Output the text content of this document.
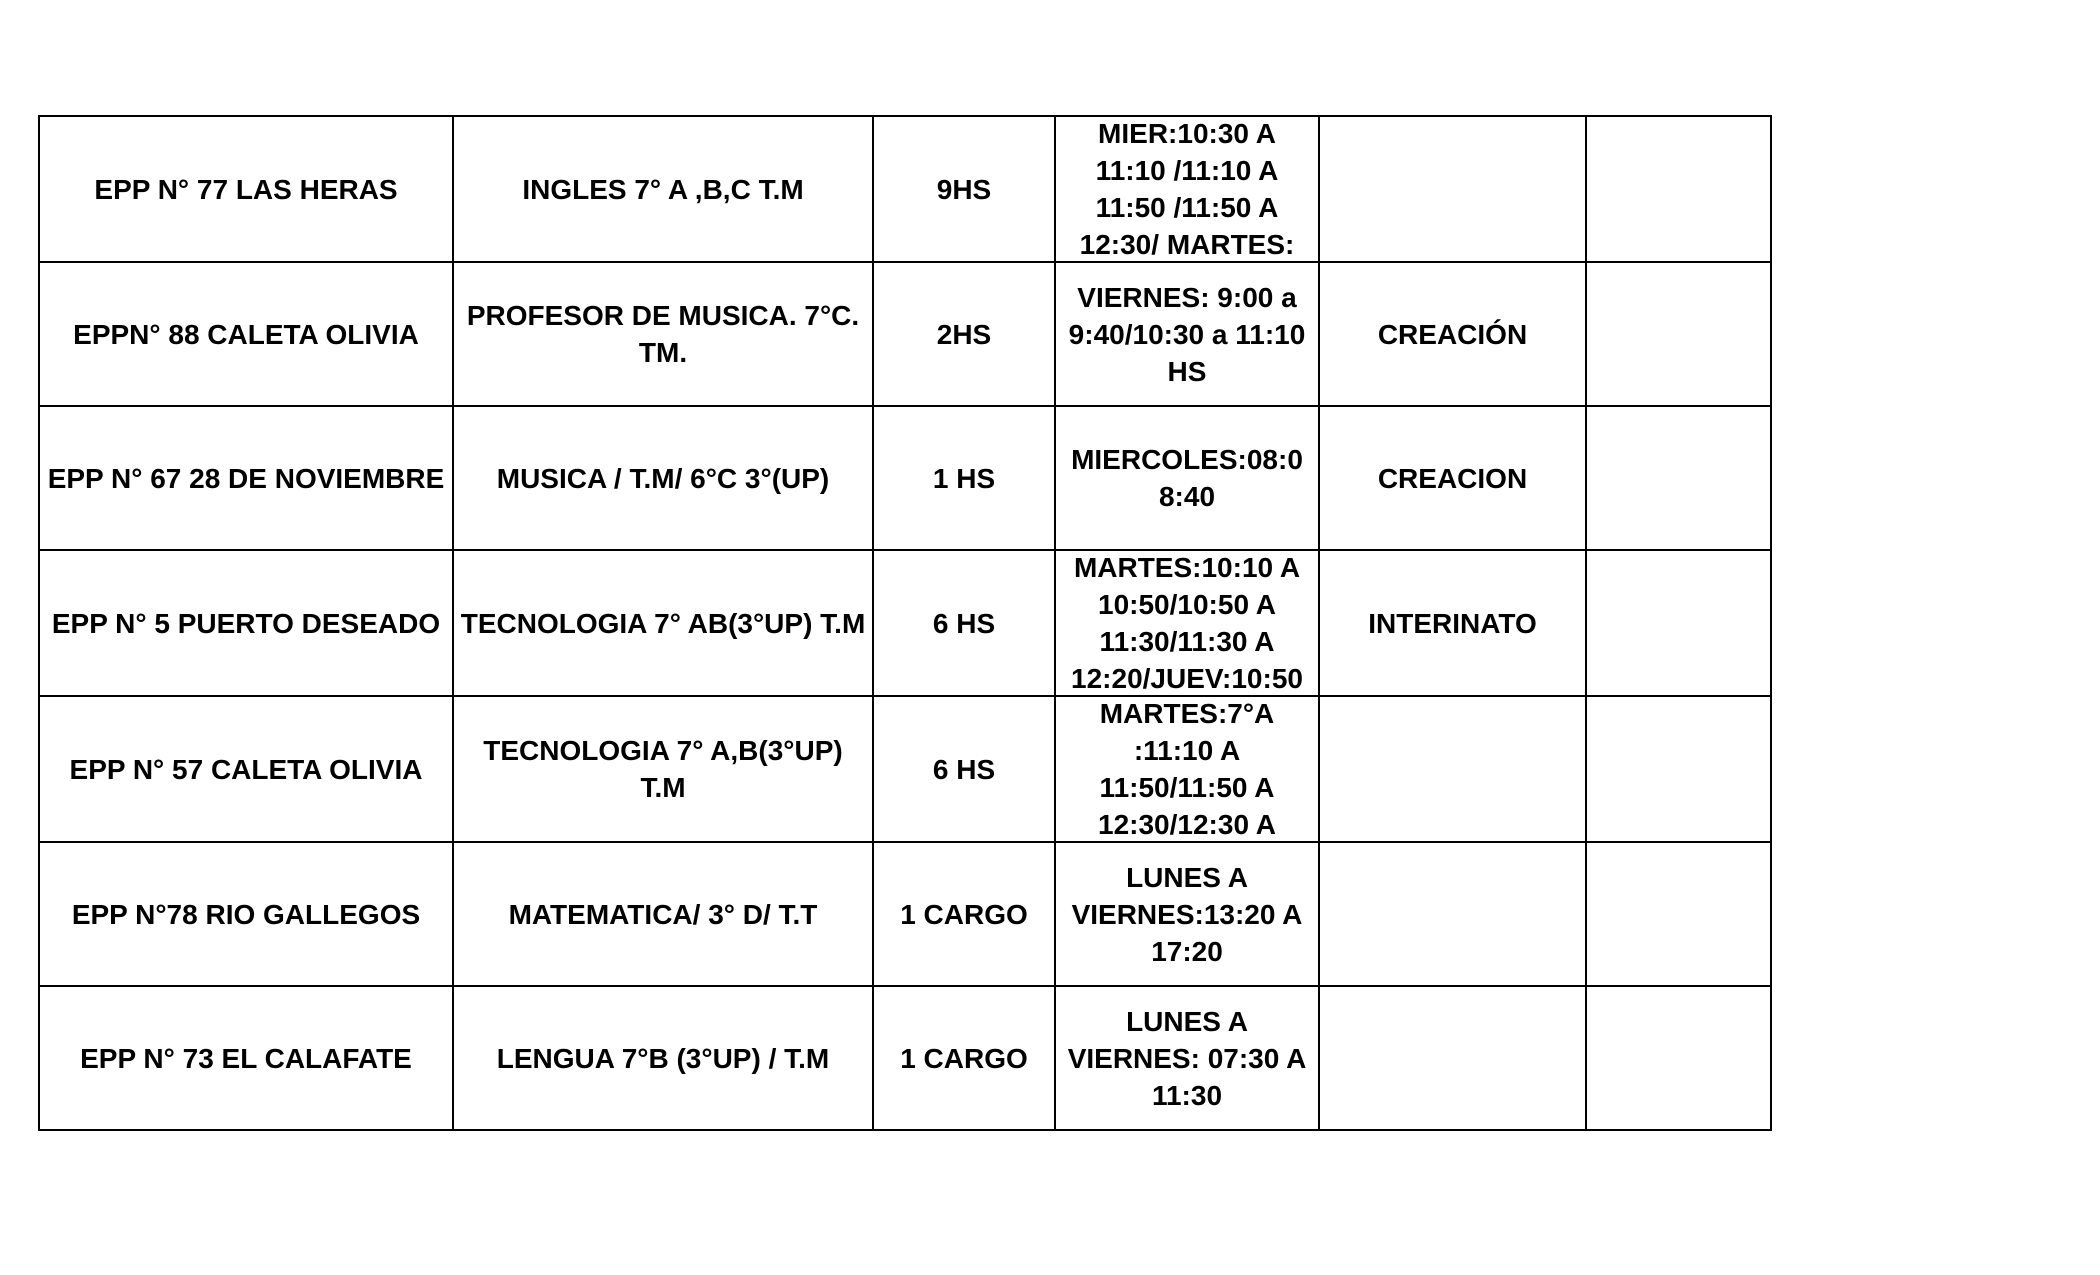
EPP N° 77 LAS HERAS	INGLES 7° A ,B,C T.M	9HS	MIER:10:30 A 11:10 /11:10 A 11:50 /11:50 A 12:30/ MARTES:		

EPPN° 88 CALETA OLIVIA	PROFESOR DE MUSICA. 7°C. TM.	2HS	VIERNES: 9:00 a 9:40/10:30 a 11:10 HS	CREACIÓN	

EPP N° 67 28 DE NOVIEMBRE	MUSICA / T.M/ 6°C 3°(UP)	1 HS	MIERCOLES:08:0 8:40	CREACION	

EPP N° 5 PUERTO DESEADO	TECNOLOGIA 7° AB(3°UP) T.M	6 HS	MARTES:10:10 A 10:50/10:50 A 11:30/11:30 A 12:20/JUEV:10:50	INTERINATO	

EPP N° 57 CALETA OLIVIA	TECNOLOGIA 7° A,B(3°UP) T.M	6 HS	MARTES:7°A :11:10 A 11:50/11:50 A 12:30/12:30 A		

EPP N°78 RIO GALLEGOS	MATEMATICA/ 3° D/ T.T	1 CARGO	LUNES A VIERNES:13:20 A 17:20		

EPP N° 73 EL CALAFATE	LENGUA 7°B (3°UP) / T.M	1 CARGO	LUNES A VIERNES: 07:30 A 11:30		
